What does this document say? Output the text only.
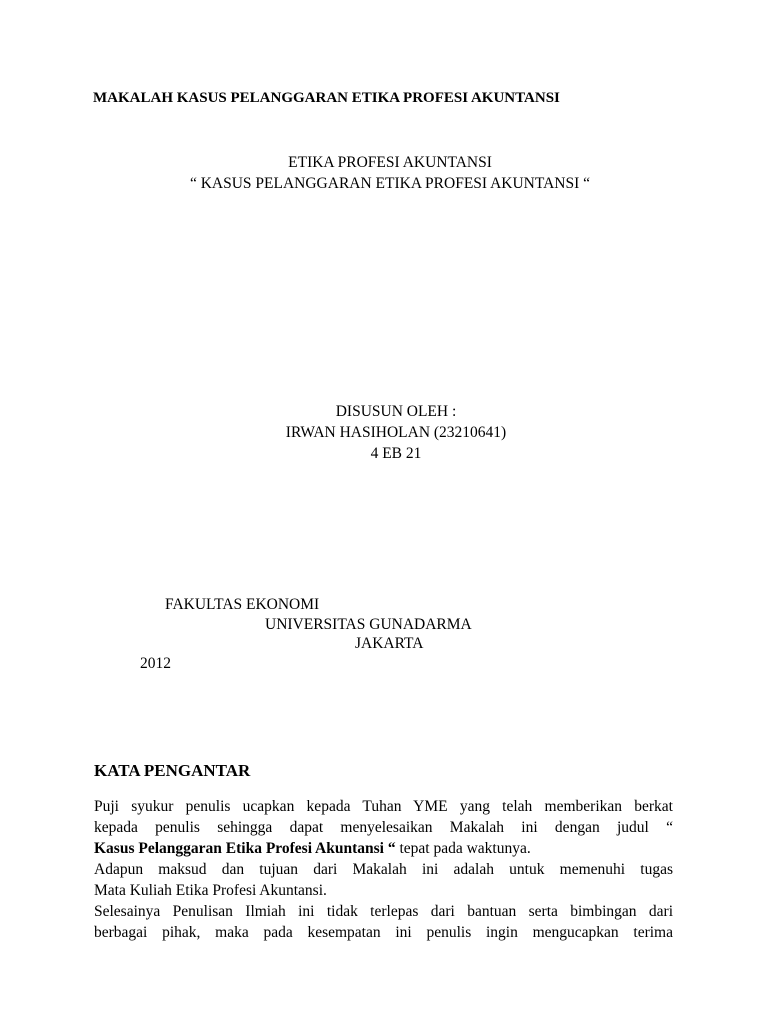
MAKALAH KASUS PELANGGARAN ETIKA PROFESI AKUNTANSI
ETIKA PROFESI AKUNTANSI
“ KASUS PELANGGARAN ETIKA PROFESI AKUNTANSI “
DISUSUN OLEH :
IRWAN HASIHOLAN (23210641)
4 EB 21
FAKULTAS EKONOMI
UNIVERSITAS GUNADARMA
JAKARTA
2012
KATA PENGANTAR
Puji syukur penulis ucapkan kepada Tuhan YME yang telah memberikan berkat
kepada penulis sehingga dapat menyelesaikan Makalah ini dengan judul “
Kasus Pelanggaran Etika Profesi Akuntansi “ tepat pada waktunya.
Adapun maksud dan tujuan dari Makalah ini adalah untuk memenuhi tugas
Mata Kuliah Etika Profesi Akuntansi.
Selesainya Penulisan Ilmiah ini tidak terlepas dari bantuan serta bimbingan dari
berbagai pihak, maka pada kesempatan ini penulis ingin mengucapkan terima
